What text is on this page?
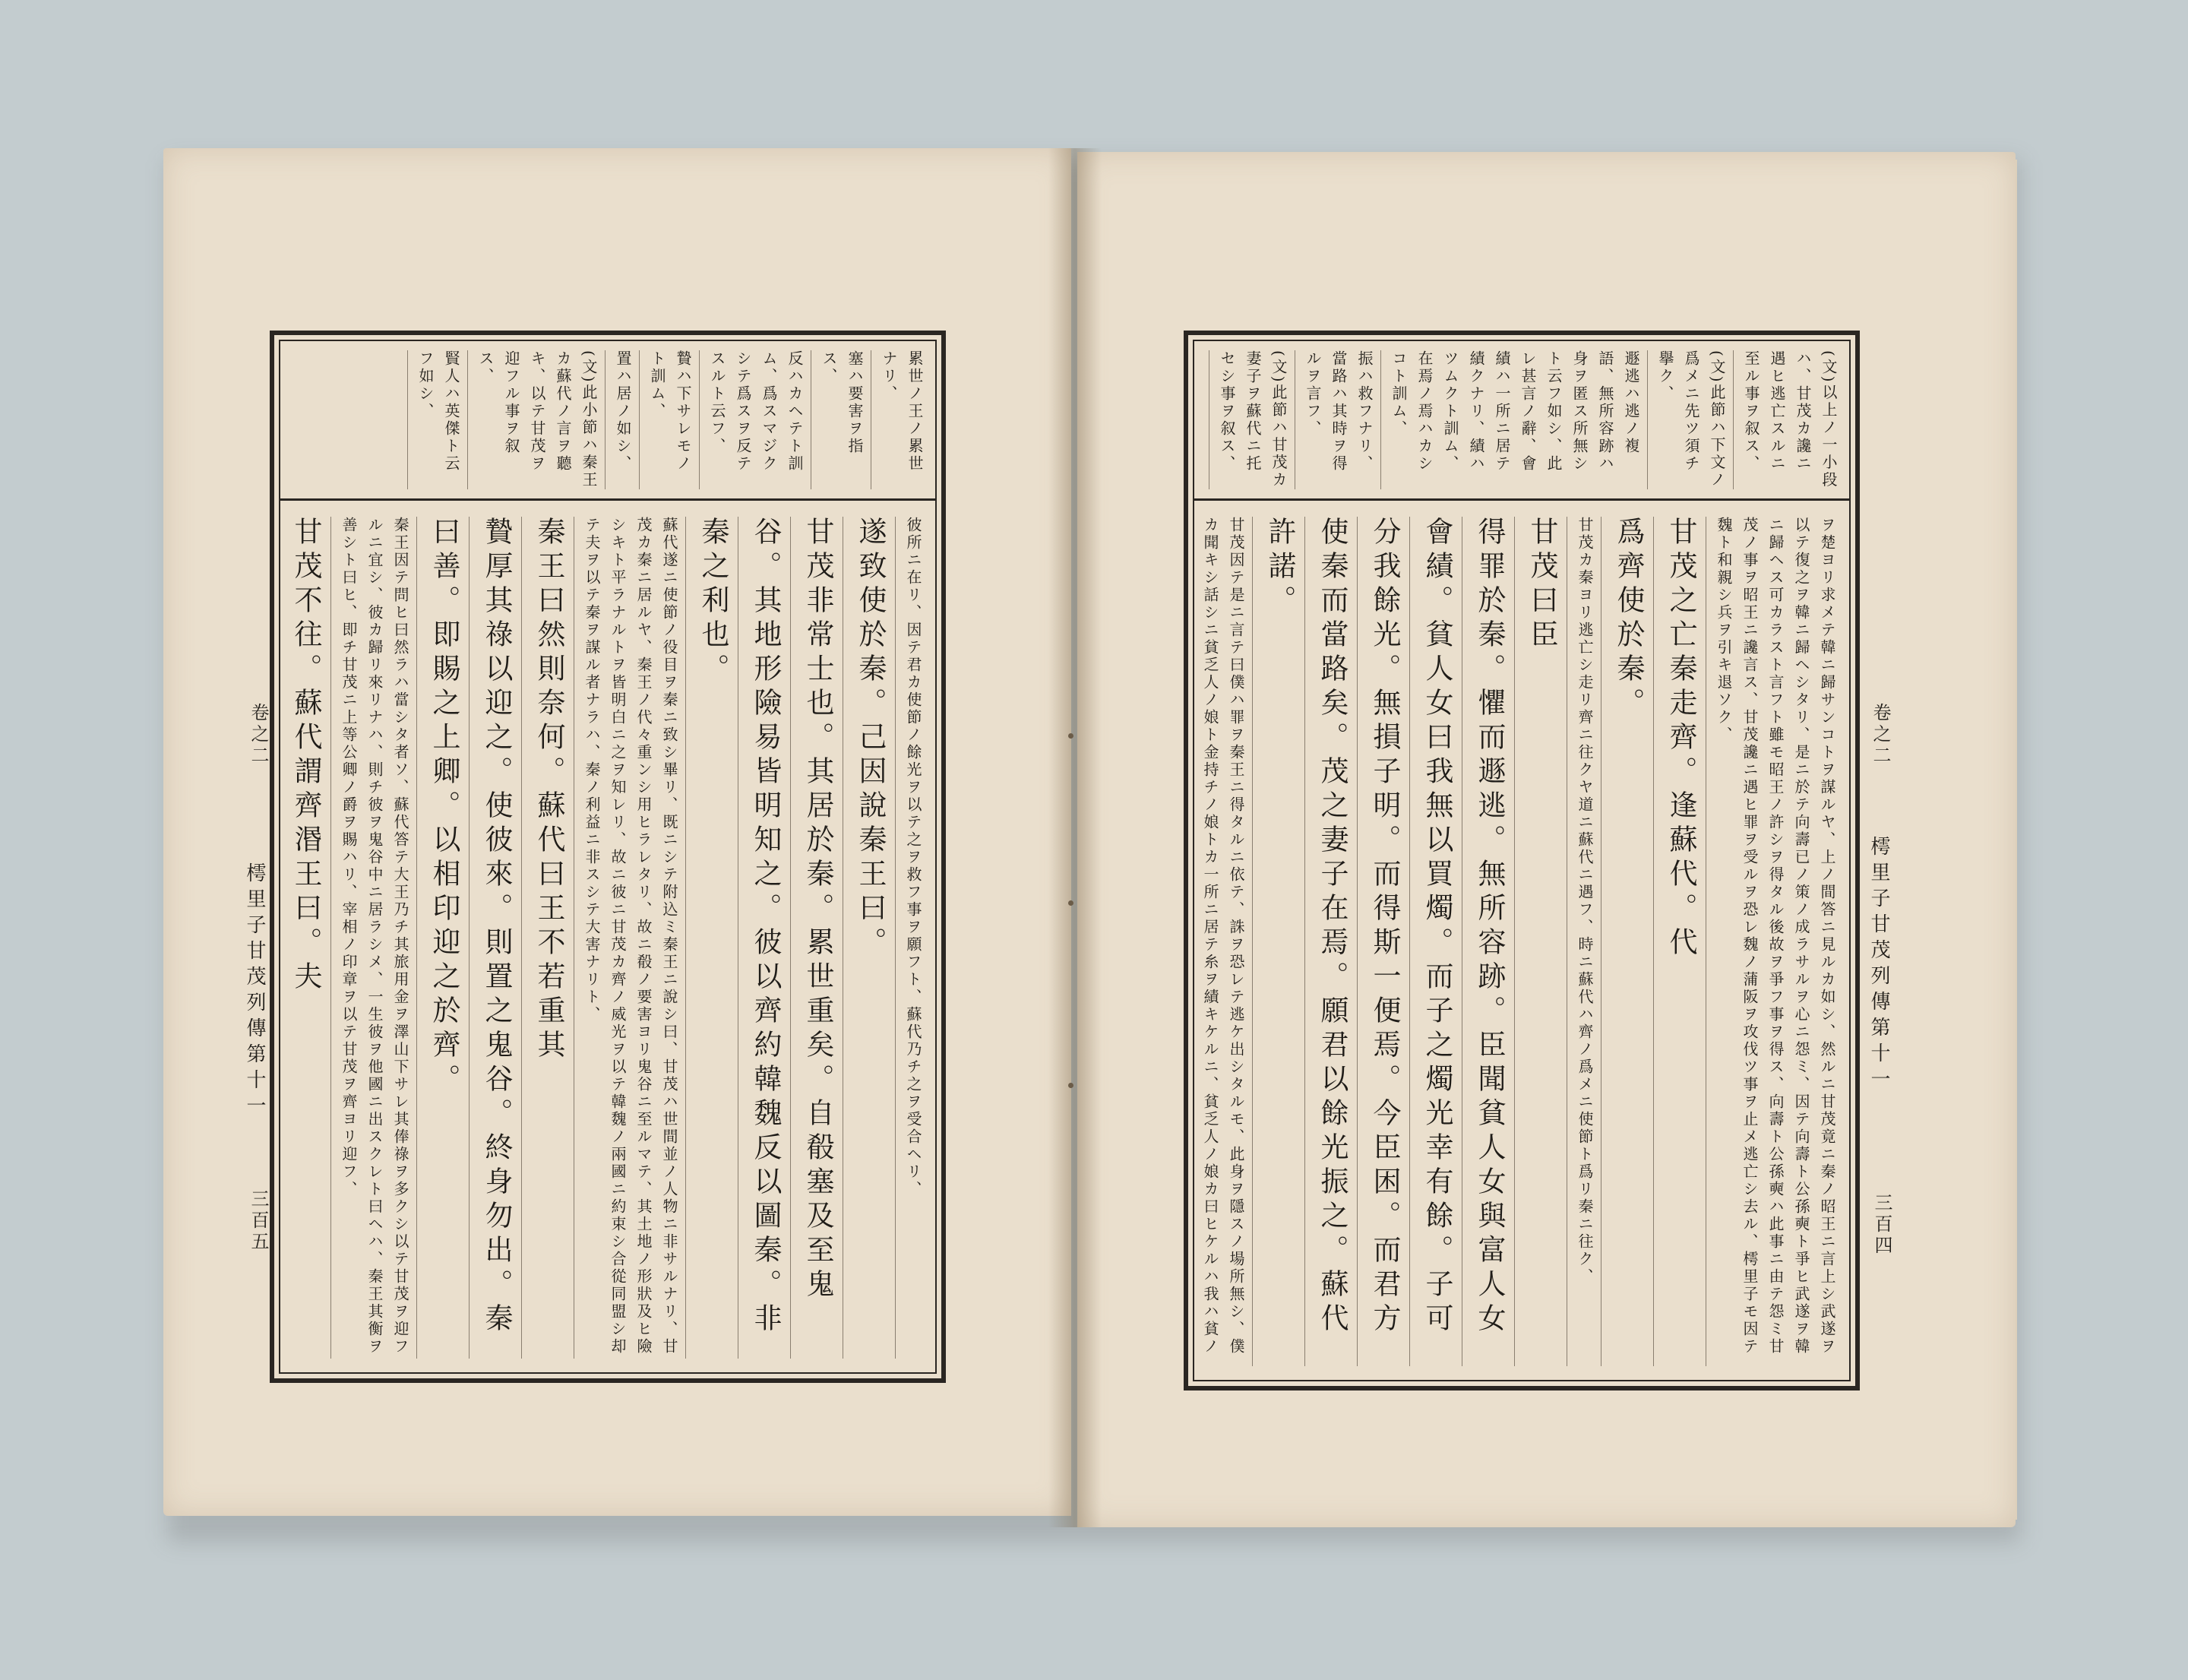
卷之二
樗里子甘茂列傳第十一
三百五
累世ノ王ノ累世ナリ、
塞ハ要害ヲ指ス、
反ハカヘテト訓ム、爲スマジクシテ爲スヲ反テスルト云フ、
贄ハ下サレモノト訓ム、
置ハ居ノ如シ、
(文)此小節ハ秦王カ蘇代ノ言ヲ聽キ、以テ甘茂ヲ迎フル事ヲ叙ス、
賢人ハ英傑ト云フ如シ、
彼所ニ在リ、因テ君カ使節ノ餘光ヲ以テ之ヲ救フ事ヲ願フト、蘇代乃チ之ヲ受合ヘリ、
遂致使於秦。己因說秦王曰。
甘茂非常士也。其居於秦。累世重矣。自殽塞及至鬼
谷。其地形險易皆明知之。彼以齊約韓魏反以圖秦。非
秦之利也。
蘇代遂ニ使節ノ役目ヲ秦ニ致シ畢リ、既ニシテ附込ミ秦王ニ說シ曰、甘茂ハ世間並ノ人物ニ非サルナリ、甘茂カ秦ニ居ルヤ、秦王ノ代々重ンシ用ヒラレタリ、故ニ殽ノ要害ヨリ鬼谷ニ至ルマテ、其土地ノ形狀及ヒ險シキト平ラナルトヲ皆明白ニ之ヲ知レリ、故ニ彼ニ甘茂カ齊ノ威光ヲ以テ韓魏ノ兩國ニ約束シ合從同盟シ却テ夫ヲ以テ秦ヲ謀ル者ナラハ、秦ノ利益ニ非スシテ大害ナリト、
秦王曰然則奈何。蘇代曰王不若重其
贄厚其祿以迎之。使彼來。則置之鬼谷。終身勿出。秦
曰善。即賜之上卿。以相印迎之於齊。
秦王因テ問ヒ曰然ラハ當シタ者ソ、蘇代答テ大王乃チ其旅用金ヲ澤山下サレ其俸祿ヲ多クシ以テ甘茂ヲ迎フルニ宜シ、彼カ歸リ來リナハ、則チ彼ヲ鬼谷中ニ居ラシメ、一生彼ヲ他國ニ出スクレト曰ヘハ、秦王其衡ヲ善シト曰ヒ、即チ甘茂ニ上等公卿ノ爵ヲ賜ハリ、宰相ノ印章ヲ以テ甘茂ヲ齊ヨリ迎フ、
甘茂不往。蘇代謂齊湣王曰。夫	卷之二
樗里子甘茂列傳第十一
三百四
(文)以上ノ一小段ハ、甘茂カ讒ニ遇ヒ逃亡スルニ至ル事ヲ叙ス、
(文)此節ハ下文ノ爲メニ先ツ須チ擧ク、
遯逃ハ逃ノ複語、無所容跡ハ身ヲ匿ス所無シト云フ如シ、此レ甚言ノ辭、會績ハ一所ニ居テ績クナリ、績ハツムクト訓ム、在焉ノ焉ハカシコト訓ム、
振ハ救フナリ、當路ハ其時ヲ得ルヲ言フ、
(文)此節ハ甘茂カ妻子ヲ蘇代ニ托セシ事ヲ叙ス、
ヲ楚ヨリ求メテ韓ニ歸サンコトヲ謀ルヤ、上ノ間答ニ見ルカ如シ、然ルニ甘茂竟ニ秦ノ昭王ニ言上シ武遂ヲ以テ復之ヲ韓ニ歸ヘシタリ、是ニ於テ向壽已ノ策ノ成ラサルヲ心ニ怨ミ、因テ向壽ト公孫奭ト爭ヒ武遂ヲ韓ニ歸ヘス可カラスト言フト雖モ昭王ノ許シヲ得タル後故ヲ爭フ事ヲ得ス、向壽ト公孫奭ハ此事ニ由テ怨ミ甘茂ノ事ヲ昭王ニ讒言ス、甘茂讒ニ遇ヒ罪ヲ受ルヲ恐レ魏ノ蒲阪ヲ攻伐ツ事ヲ止メ逃亡シ去ル、樗里子モ因テ魏ト和親シ兵ヲ引キ退ソク、
甘茂之亡秦走齊。逢蘇代。代
爲齊使於秦。
甘茂カ秦ヨリ逃亡シ走リ齊ニ往クヤ道ニ蘇代ニ遇フ、時ニ蘇代ハ齊ノ爲メニ使節ト爲リ秦ニ往ク、
甘茂曰臣
得罪於秦。懼而遯逃。無所容跡。臣聞貧人女與富人女
會績。貧人女曰我無以買燭。而子之燭光幸有餘。子可
分我餘光。無損子明。而得斯一便焉。今臣困。而君方
使秦而當路矣。茂之妻子在焉。願君以餘光振之。蘇代
許諾。
甘茂因テ是ニ言テ曰僕ハ罪ヲ秦王ニ得タルニ依テ、誅ヲ恐レテ逃ケ出シタルモ、此身ヲ隱スノ場所無シ、僕カ聞キシ話シニ貧乏人ノ娘ト金持チノ娘トカ一所ニ居テ糸ヲ績キケルニ、貧乏人ノ娘カ曰ヒケルハ我ハ貧ノ
